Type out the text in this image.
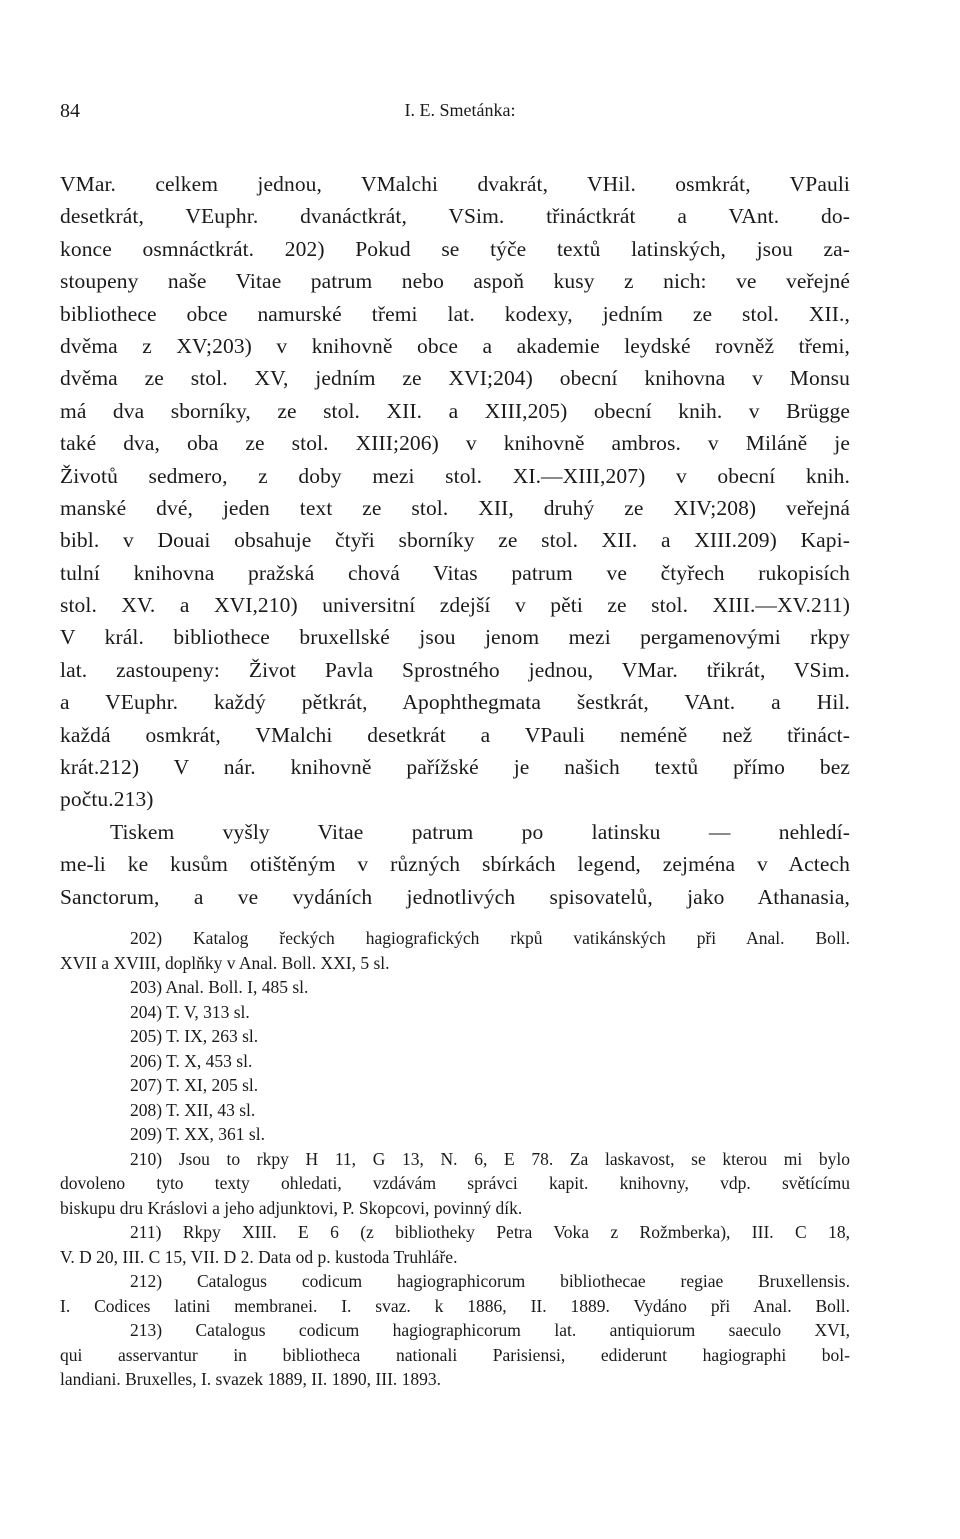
84	I. E. Smetánka:
VMar. celkem jednou, VMalchi dvakrát, VHil. osmkrát, VPauli
desetkrát, VEuphr. dvanáctkrát, VSim. třináctkrát a VAnt. do-
konce osmnáctkrát. 202) Pokud se týče textů latinských, jsou za-
stoupeny naše Vitae patrum nebo aspoň kusy z nich: ve veřejné
bibliothece obce namurské třemi lat. kodexy, jedním ze stol. XII.,
dvěma z XV;203) v knihovně obce a akademie leydské rovněž třemi,
dvěma ze stol. XV, jedním ze XVI;204) obecní knihovna v Monsu
má dva sborníky, ze stol. XII. a XIII,205) obecní knih. v Brügge
také dva, oba ze stol. XIII;206) v knihovně ambros. v Miláně je
Životů sedmero, z doby mezi stol. XI.—XIII,207) v obecní knih.
manské dvé, jeden text ze stol. XII, druhý ze XIV;208) veřejná
bibl. v Douai obsahuje čtyři sborníky ze stol. XII. a XIII.209) Kapi-
tulní knihovna pražská chová Vitas patrum ve čtyřech rukopisích
stol. XV. a XVI,210) universitní zdejší v pěti ze stol. XIII.—XV.211)
V král. bibliothece bruxellské jsou jenom mezi pergamenovými rkpy
lat. zastoupeny: Život Pavla Sprostného jednou, VMar. třikrát, VSim.
a VEuphr. každý pětkrát, Apophthegmata šestkrát, VAnt. a Hil.
každá osmkrát, VMalchi desetkrát a VPauli neméně než třináct-
krát.212) V nár. knihovně pařížské je našich textů přímo bez
počtu.213)
Tiskem vyšly Vitae patrum po latinsku — nehledí-
me-li ke kusům otištěným v různých sbírkách legend, zejména v Actech
Sanctorum, a ve vydáních jednotlivých spisovatelů, jako Athanasia,
202) Katalog řeckých hagiografických rkpů vatikánských při Anal. Boll.
XVII a XVIII, doplňky v Anal. Boll. XXI, 5 sl.
203) Anal. Boll. I, 485 sl.
204) T. V, 313 sl.
205) T. IX, 263 sl.
206) T. X, 453 sl.
207) T. XI, 205 sl.
208) T. XII, 43 sl.
209) T. XX, 361 sl.
210) Jsou to rkpy H 11, G 13, N. 6, E 78. Za laskavost, se kterou mi bylo
dovoleno tyto texty ohledati, vzdávám správci kapit. knihovny, vdp. světícímu
biskupu dru Kráslovi a jeho adjunktovi, P. Skopcovi, povinný dík.
211) Rkpy XIII. E 6 (z bibliotheky Petra Voka z Rožmberka), III. C 18,
V. D 20, III. C 15, VII. D 2. Data od p. kustoda Truhláře.
212) Catalogus codicum hagiographicorum bibliothecae regiae Bruxellensis.
I. Codices latini membranei. I. svaz. k 1886, II. 1889. Vydáno při Anal. Boll.
213) Catalogus codicum hagiographicorum lat. antiquiorum saeculo XVI,
qui asservantur in bibliotheca nationali Parisiensi, ediderunt hagiographi bol-
landiani. Bruxelles, I. svazek 1889, II. 1890, III. 1893.
